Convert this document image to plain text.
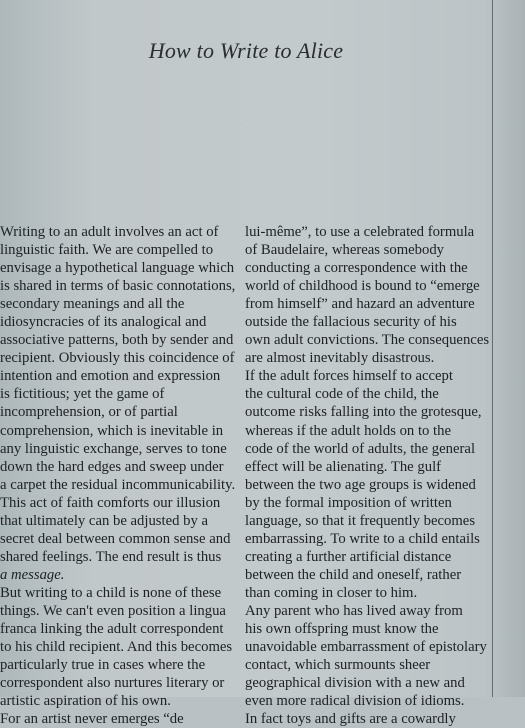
How to Write to Alice
Writing to an adult involves an act of
linguistic faith. We are compelled to
envisage a hypothetical language which
is shared in terms of basic connotations,
secondary meanings and all the
idiosyncracies of its analogical and
associative patterns, both by sender and
recipient. Obviously this coincidence of
intention and emotion and expression
is fictitious; yet the game of
incomprehension, or of partial
comprehension, which is inevitable in
any linguistic exchange, serves to tone
down the hard edges and sweep under
a carpet the residual incommunicability.
This act of faith comforts our illusion
that ultimately can be adjusted by a
secret deal between common sense and
shared feelings. The end result is thus
a message.
But writing to a child is none of these
things. We can't even position a lingua
franca linking the adult correspondent
to his child recipient. And this becomes
particularly true in cases where the
correspondent also nurtures literary or
artistic aspiration of his own.
For an artist never emerges “de
lui-même”, to use a celebrated formula
of Baudelaire, whereas somebody
conducting a correspondence with the
world of childhood is bound to “emerge
from himself” and hazard an adventure
outside the fallacious security of his
own adult convictions. The consequences
are almost inevitably disastrous.
If the adult forces himself to accept
the cultural code of the child, the
outcome risks falling into the grotesque,
whereas if the adult holds on to the
code of the world of adults, the general
effect will be alienating. The gulf
between the two age groups is widened
by the formal imposition of written
language, so that it frequently becomes
embarrassing. To write to a child entails
creating a further artificial distance
between the child and oneself, rather
than coming in closer to him.
Any parent who has lived away from
his own offspring must know the
unavoidable embarrassment of epistolary
contact, which surmounts sheer
geographical division with a new and
even more radical division of idioms.
In fact toys and gifts are a cowardly
